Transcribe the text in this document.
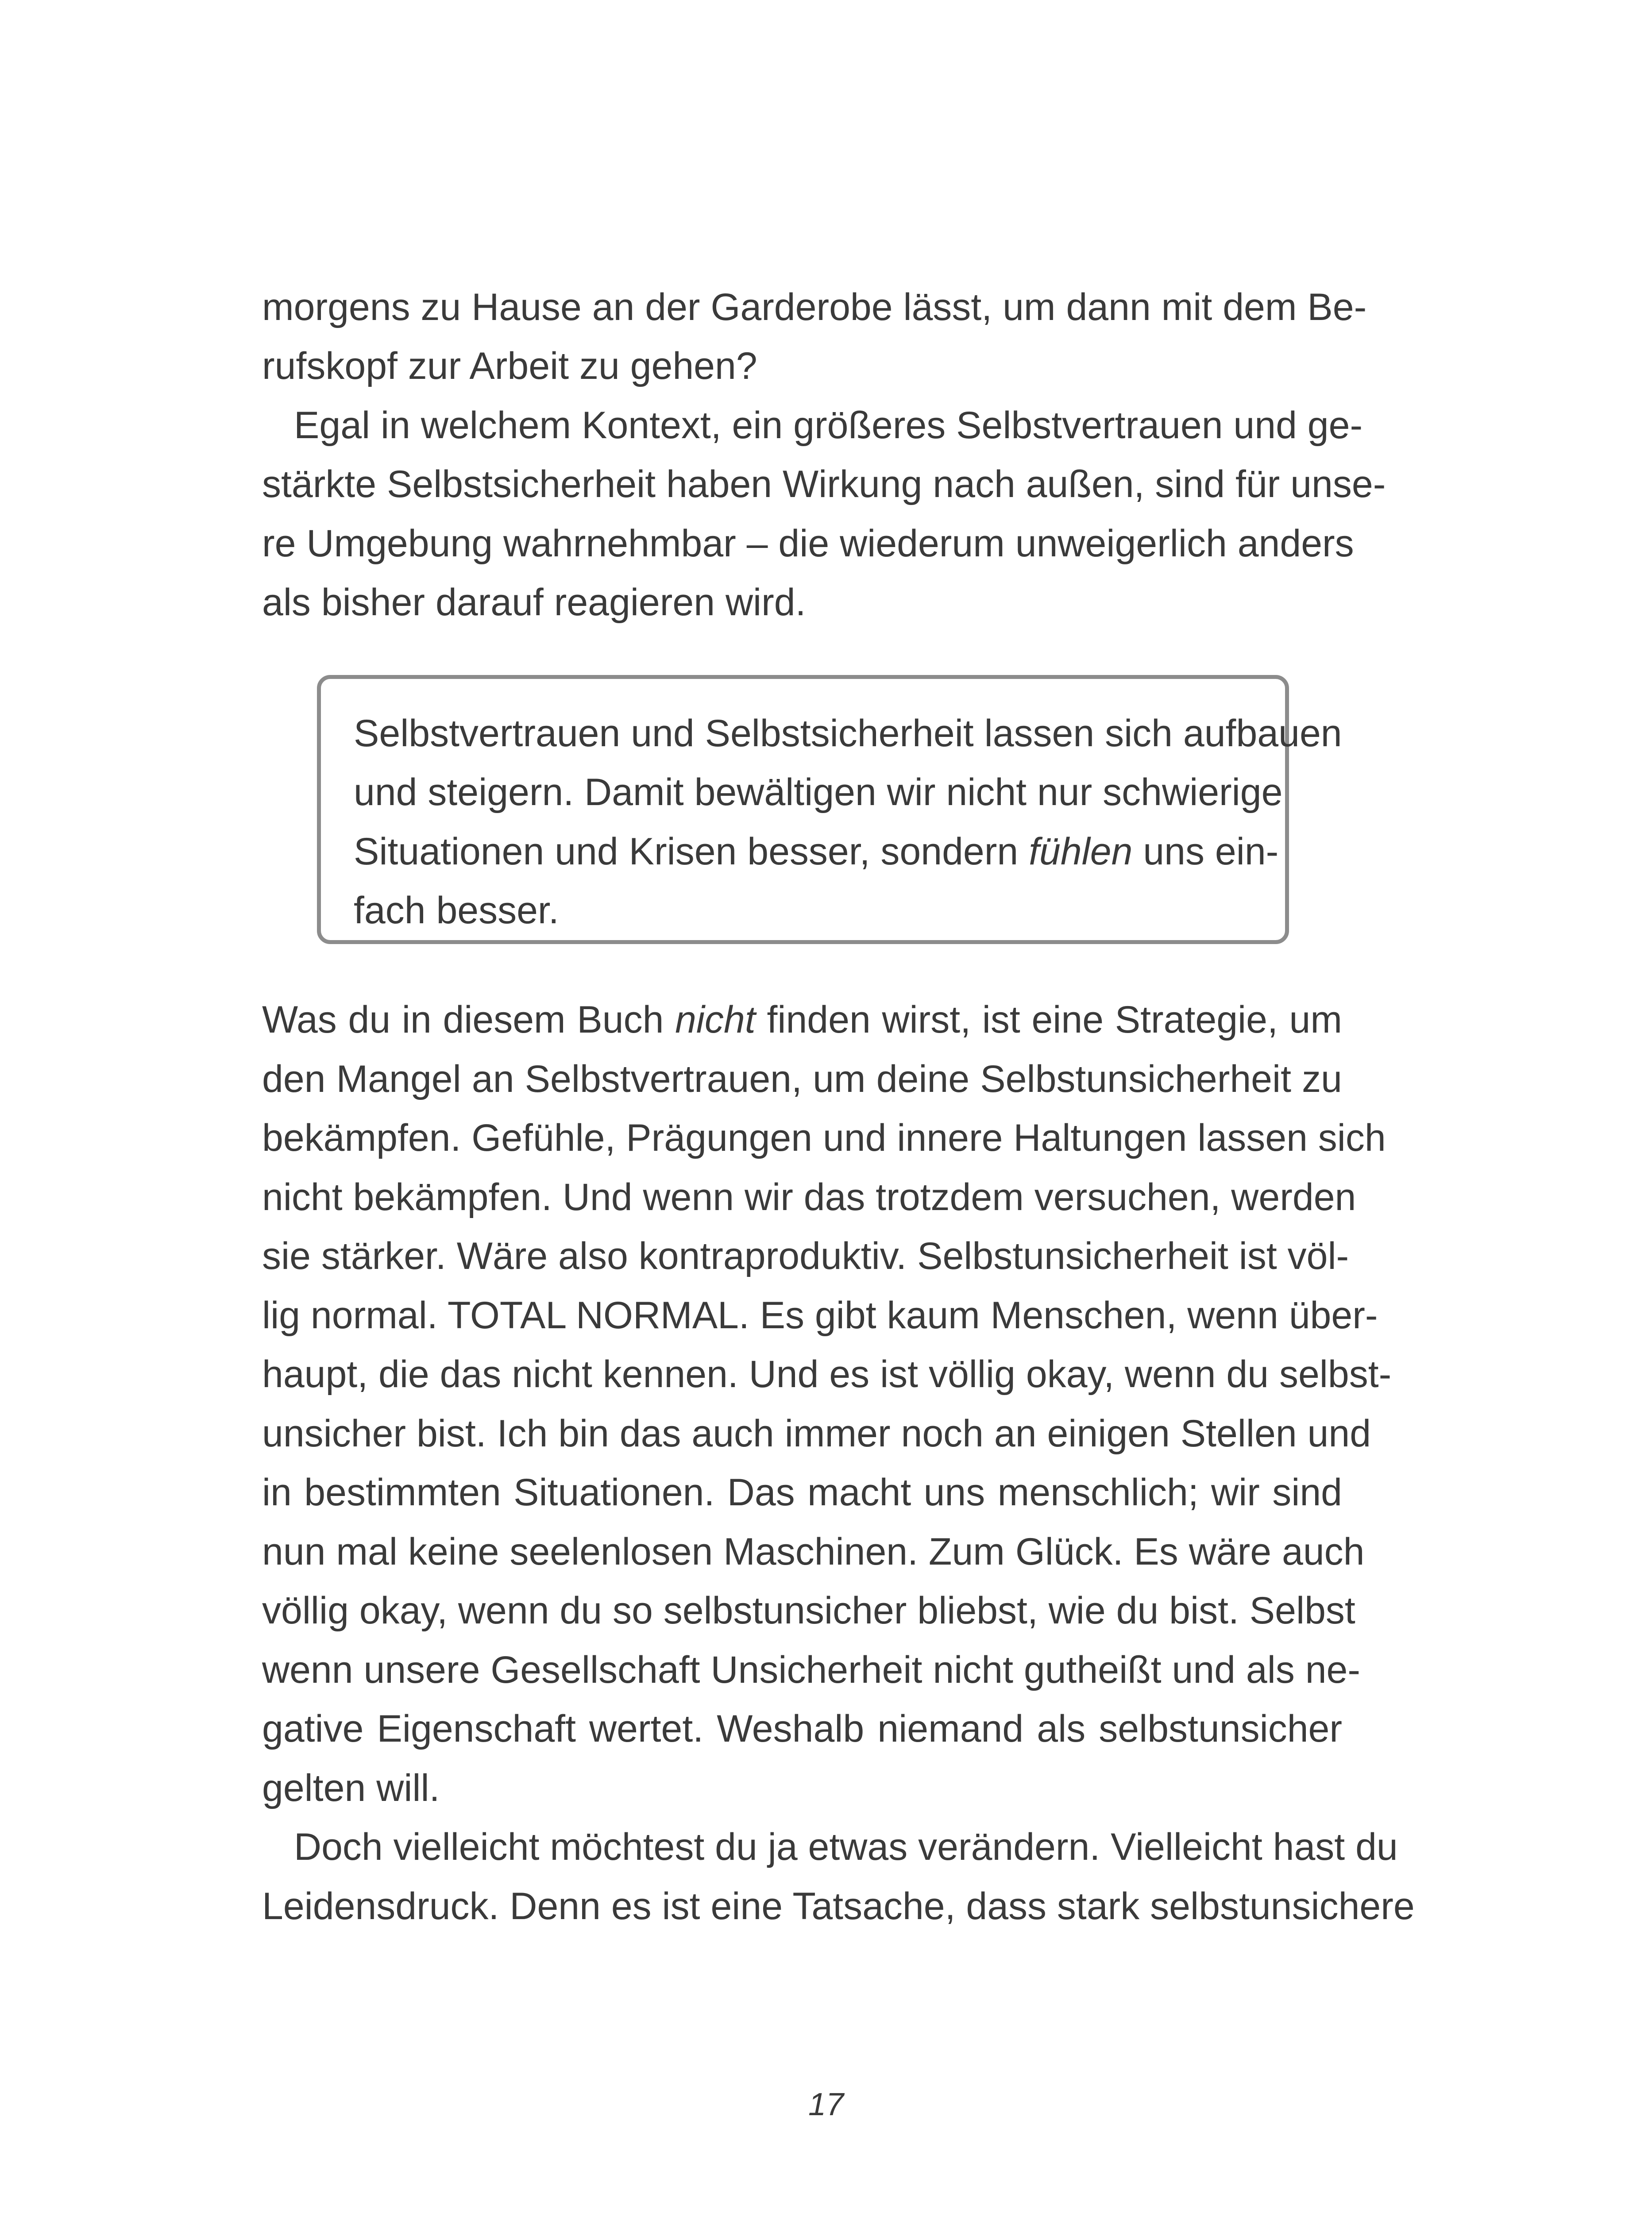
morgens zu Hause an der Garderobe lässt, um dann mit dem Be-
rufskopf zur Arbeit zu gehen?
Egal in welchem Kontext, ein größeres Selbstvertrauen und ge-
stärkte Selbstsicherheit haben Wirkung nach außen, sind für unse-
re Umgebung wahrnehmbar – die wiederum unweigerlich anders
als bisher darauf reagieren wird.
Selbstvertrauen und Selbstsicherheit lassen sich aufbauen
und steigern. Damit bewältigen wir nicht nur schwierige
Situationen und Krisen besser, sondern fühlen uns ein-
fach besser.
Was du in diesem Buch nicht finden wirst, ist eine Strategie, um
den Mangel an Selbstvertrauen, um deine Selbstunsicherheit zu
bekämpfen. Gefühle, Prägungen und innere Haltungen lassen sich
nicht bekämpfen. Und wenn wir das trotzdem versuchen, werden
sie stärker. Wäre also kontraproduktiv. Selbstunsicherheit ist völ-
lig normal. TOTAL NORMAL. Es gibt kaum Menschen, wenn über-
haupt, die das nicht kennen. Und es ist völlig okay, wenn du selbst-
unsicher bist. Ich bin das auch immer noch an einigen Stellen und
in bestimmten Situationen. Das macht uns menschlich; wir sind
nun mal keine seelenlosen Maschinen. Zum Glück. Es wäre auch
völlig okay, wenn du so selbstunsicher bliebst, wie du bist. Selbst
wenn unsere Gesellschaft Unsicherheit nicht gutheißt und als ne-
gative Eigenschaft wertet. Weshalb niemand als selbstunsicher
gelten will.
Doch vielleicht möchtest du ja etwas verändern. Vielleicht hast du
Leidensdruck. Denn es ist eine Tatsache, dass stark selbstunsichere
17
